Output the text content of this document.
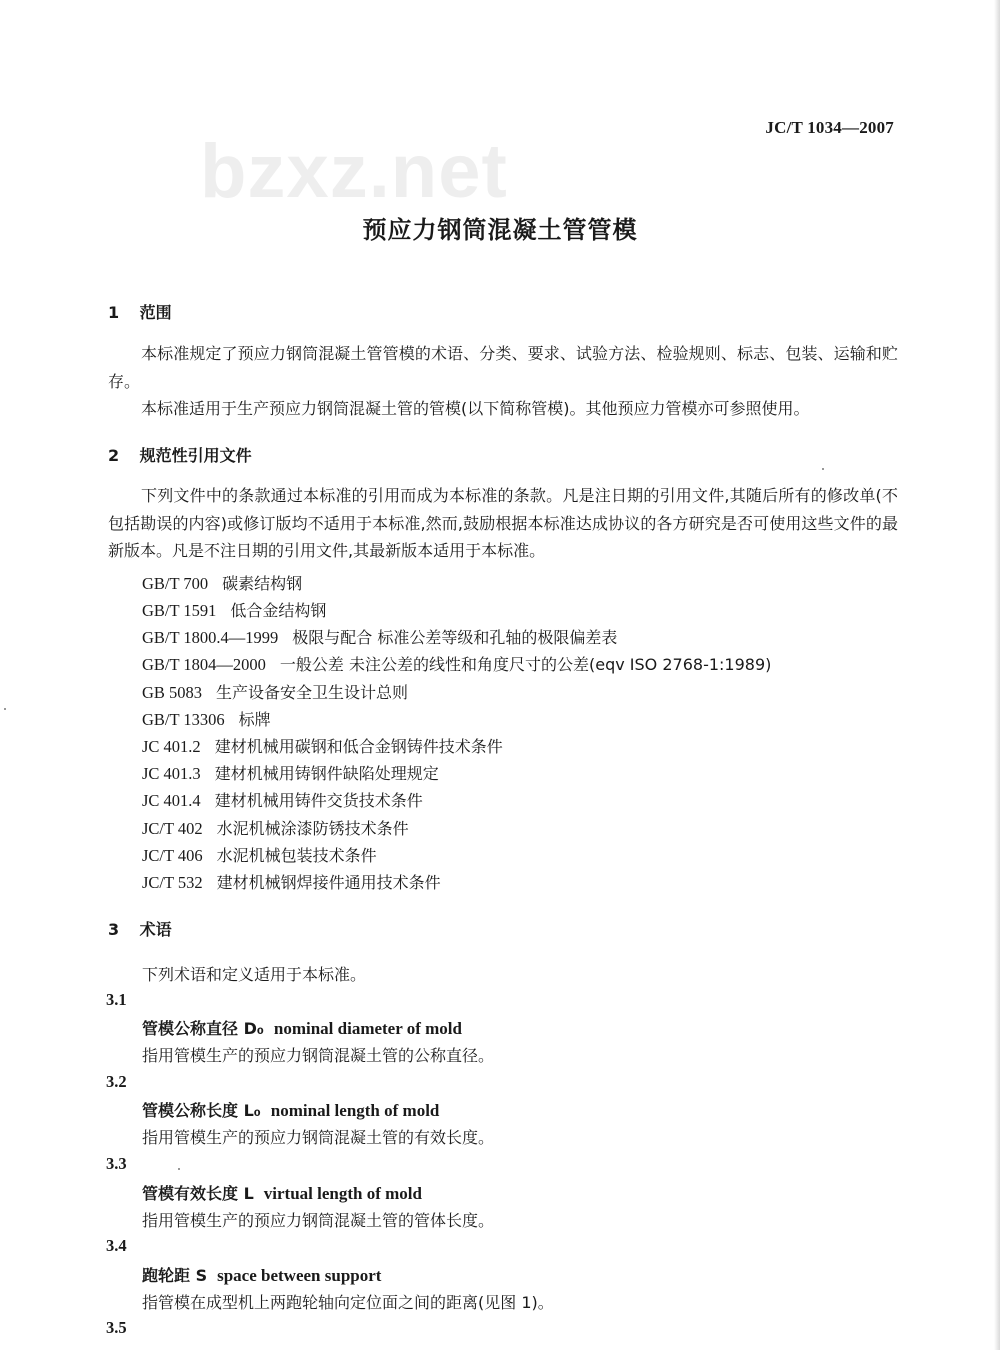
bzxz.net
JC/T 1034—2007
预应力钢筒混凝土管管模
1 范围

本标准规定了预应力钢筒混凝土管管模的术语、分类、要求、试验方法、检验规则、标志、包装、运输和贮存。

本标准适用于生产预应力钢筒混凝土管的管模(以下简称管模)。其他预应力管模亦可参照使用。

2 规范性引用文件

下列文件中的条款通过本标准的引用而成为本标准的条款。凡是注日期的引用文件,其随后所有的修改单(不包括勘误的内容)或修订版均不适用于本标准,然而,鼓励根据本标准达成协议的各方研究是否可使用这些文件的最新版本。凡是不注日期的引用文件,其最新版本适用于本标准。

GB/T 700 碳素结构钢
GB/T 1591 低合金结构钢
GB/T 1800.4—1999 极限与配合 标准公差等级和孔轴的极限偏差表
GB/T 1804—2000 一般公差 未注公差的线性和角度尺寸的公差(eqv ISO 2768-1:1989)
GB 5083 生产设备安全卫生设计总则
GB/T 13306 标牌
JC 401.2 建材机械用碳钢和低合金钢铸件技术条件
JC 401.3 建材机械用铸钢件缺陷处理规定
JC 401.4 建材机械用铸件交货技术条件
JC/T 402 水泥机械涂漆防锈技术条件
JC/T 406 水泥机械包装技术条件
JC/T 532 建材机械钢焊接件通用技术条件
3 术语
下列术语和定义适用于本标准。
3.1
管模公称直径 D₀ nominal diameter of mold
指用管模生产的预应力钢筒混凝土管的公称直径。
3.2
管模公称长度 L₀ nominal length of mold
指用管模生产的预应力钢筒混凝土管的有效长度。
3.3
管模有效长度 L virtual length of mold
指用管模生产的预应力钢筒混凝土管的管体长度。
3.4
跑轮距 S space between support
指管模在成型机上两跑轮轴向定位面之间的距离(见图 1)。
3.5
